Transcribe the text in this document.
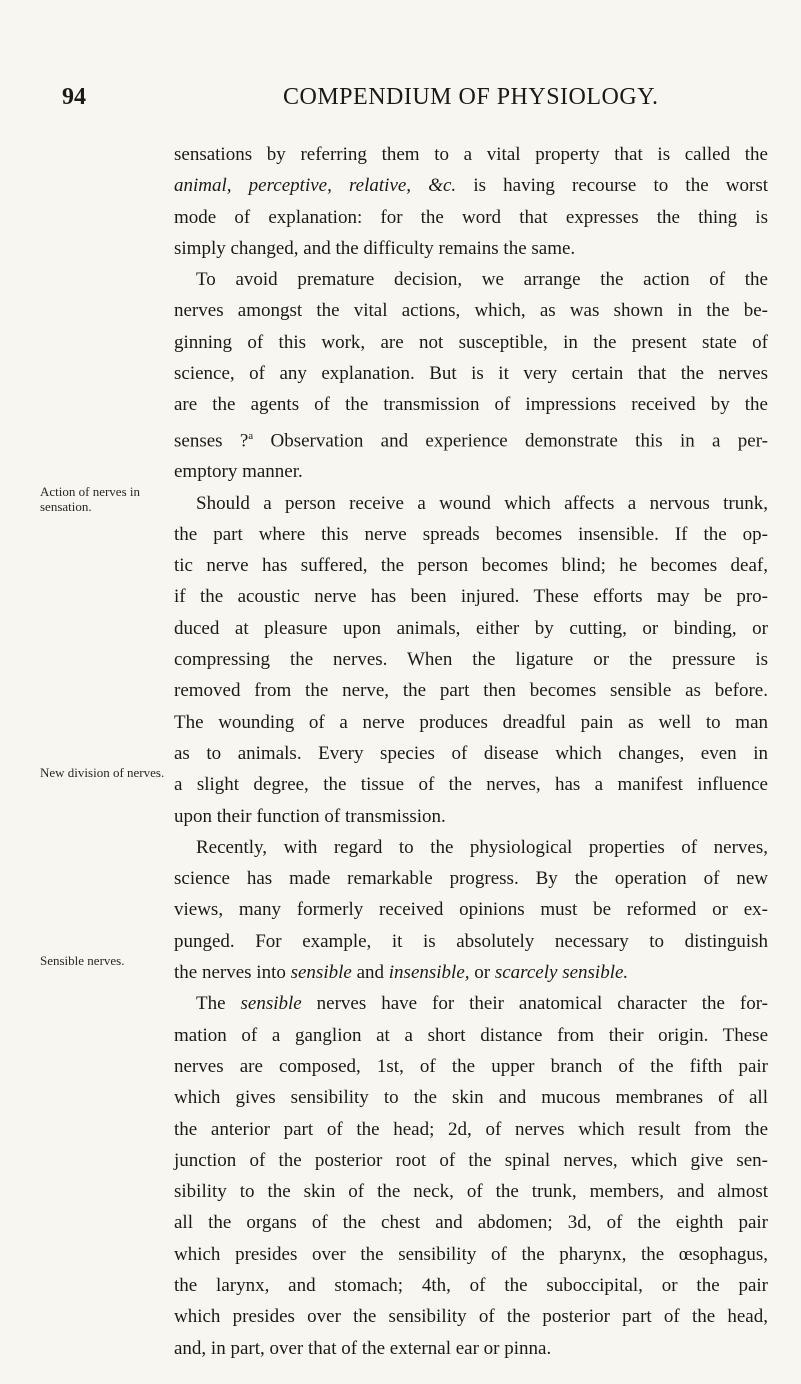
94	COMPENDIUM OF PHYSIOLOGY.
Action of nerves in sensation.
New division of nerves.
Sensible nerves.
sensations by referring them to a vital property that is called the
animal, perceptive, relative, &c. is having recourse to the worst
mode of explanation: for the word that expresses the thing is
simply changed, and the difficulty remains the same.
To avoid premature decision, we arrange the action of the
nerves amongst the vital actions, which, as was shown in the be-
ginning of this work, are not susceptible, in the present state of
science, of any explanation. But is it very certain that the nerves
are the agents of the transmission of impressions received by the
senses ?$^a$ Observation and experience demonstrate this in a per-
emptory manner.
Should a person receive a wound which affects a nervous trunk,
the part where this nerve spreads becomes insensible. If the op-
tic nerve has suffered, the person becomes blind; he becomes deaf,
if the acoustic nerve has been injured. These efforts may be pro-
duced at pleasure upon animals, either by cutting, or binding, or
compressing the nerves. When the ligature or the pressure is
removed from the nerve, the part then becomes sensible as before.
The wounding of a nerve produces dreadful pain as well to man
as to animals. Every species of disease which changes, even in
a slight degree, the tissue of the nerves, has a manifest influence
upon their function of transmission.
Recently, with regard to the physiological properties of nerves,
science has made remarkable progress. By the operation of new
views, many formerly received opinions must be reformed or ex-
punged. For example, it is absolutely necessary to distinguish
the nerves into sensible and insensible, or scarcely sensible.
The sensible nerves have for their anatomical character the for-
mation of a ganglion at a short distance from their origin. These
nerves are composed, 1st, of the upper branch of the fifth pair
which gives sensibility to the skin and mucous membranes of all
the anterior part of the head; 2d, of nerves which result from the
junction of the posterior root of the spinal nerves, which give sen-
sibility to the skin of the neck, of the trunk, members, and almost
all the organs of the chest and abdomen; 3d, of the eighth pair
which presides over the sensibility of the pharynx, the œsophagus,
the larynx, and stomach; 4th, of the suboccipital, or the pair
which presides over the sensibility of the posterior part of the head,
and, in part, over that of the external ear or pinna.
